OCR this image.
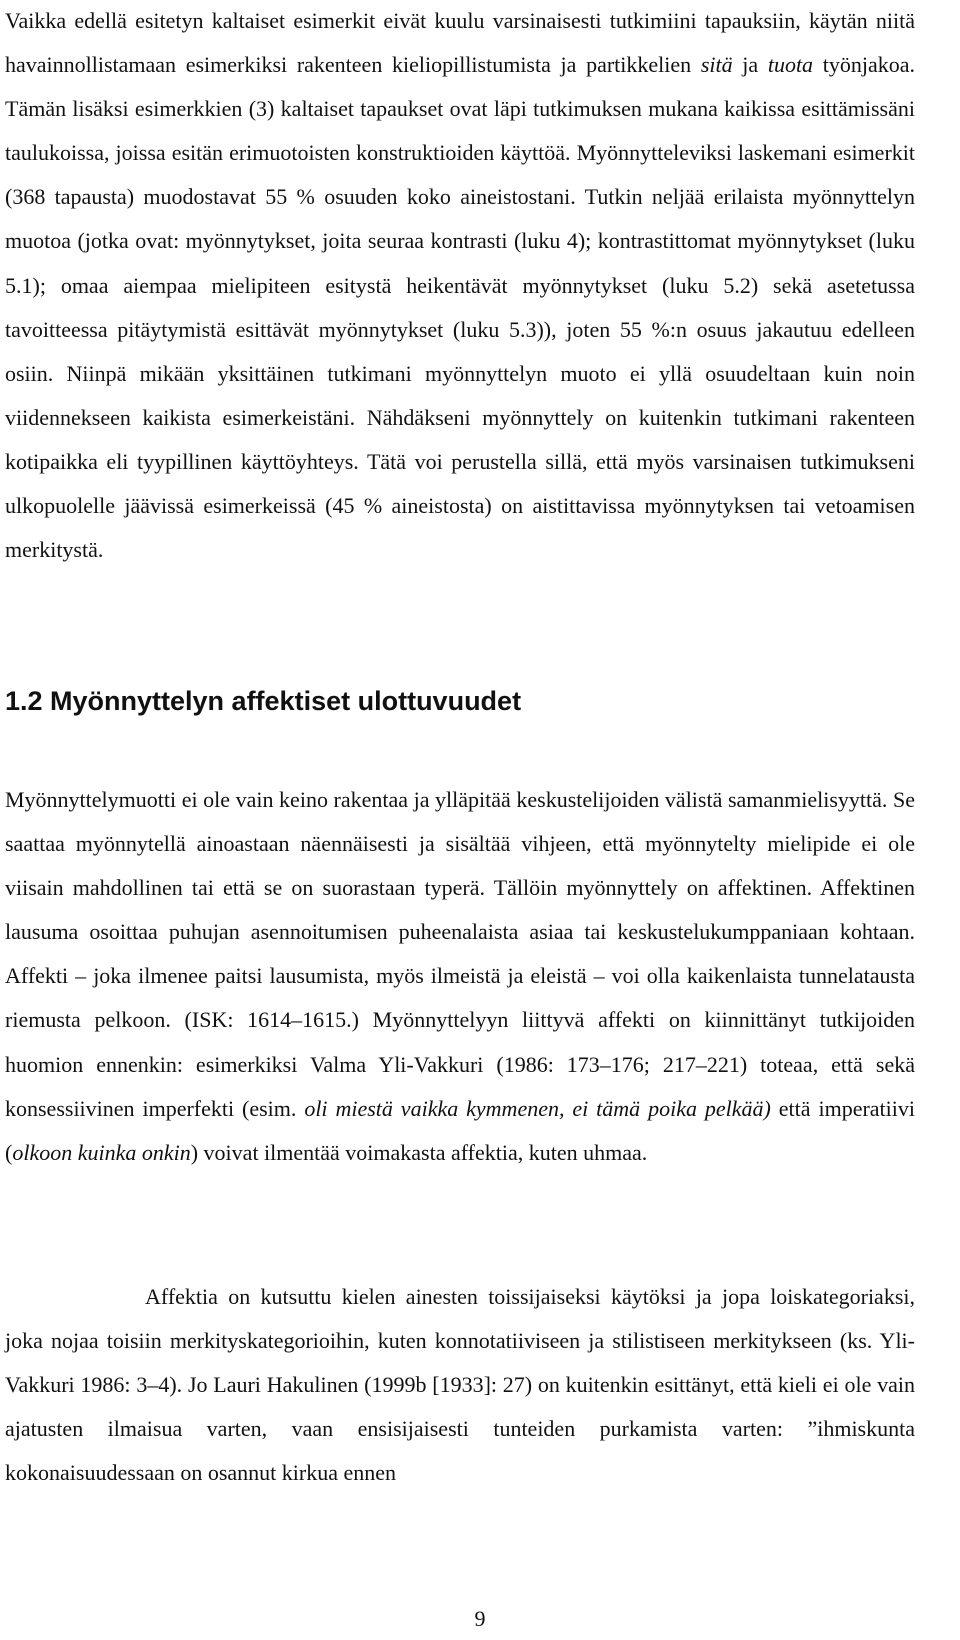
Vaikka edellä esitetyn kaltaiset esimerkit eivät kuulu varsinaisesti tutkimiini tapauksiin, käytän niitä havainnollistamaan esimerkiksi rakenteen kieliopillistumista ja partikkelien sitä ja tuota työnjakoa. Tämän lisäksi esimerkkien (3) kaltaiset tapaukset ovat läpi tutkimuksen mukana kaikissa esittämissäni taulukoissa, joissa esitän erimuotoisten konstruktioiden käyttöä. Myönnytteleviksi laskemani esimerkit (368 tapausta) muodostavat 55 % osuuden koko aineistostani. Tutkin neljää erilaista myönnyttelyn muotoa (jotka ovat: myönnytykset, joita seuraa kontrasti (luku 4); kontrastittomat myönnytykset (luku 5.1); omaa aiempaa mielipiteen esitystä heikentävät myönnytykset (luku 5.2) sekä asetetussa tavoitteessa pitäytymistä esittävät myönnytykset (luku 5.3)), joten 55 %:n osuus jakautuu edelleen osiin. Niinpä mikään yksittäinen tutkimani myönnyttelyn muoto ei yllä osuudeltaan kuin noin viidennekseen kaikista esimerkeistäni. Nähdäkseni myönnyttely on kuitenkin tutkimani rakenteen kotipaikka eli tyypillinen käyttöyhteys. Tätä voi perustella sillä, että myös varsinaisen tutkimukseni ulkopuolelle jäävissä esimerkeissä (45 % aineistosta) on aistittavissa myönnytyksen tai vetoamisen merkitystä.

1.2 Myönnyttelyn affektiset ulottuvuudet

Myönnyttelymuotti ei ole vain keino rakentaa ja ylläpitää keskustelijoiden välistä samanmielisyyttä. Se saattaa myönnytellä ainoastaan näennäisesti ja sisältää vihjeen, että myönnytelty mielipide ei ole viisain mahdollinen tai että se on suorastaan typerä. Tällöin myönnyttely on affektinen. Affektinen lausuma osoittaa puhujan asennoitumisen puheenalaista asiaa tai keskustelukumppaniaan kohtaan. Affekti – joka ilmenee paitsi lausumista, myös ilmeistä ja eleistä – voi olla kaikenlaista tunnelatausta riemusta pelkoon. (ISK: 1614–1615.) Myönnyttelyyn liittyvä affekti on kiinnittänyt tutkijoiden huomion ennenkin: esimerkiksi Valma Yli-Vakkuri (1986: 173–176; 217–221) toteaa, että sekä konsessiivinen imperfekti (esim. oli miestä vaikka kymmenen, ei tämä poika pelkää) että imperatiivi (olkoon kuinka onkin) voivat ilmentää voimakasta affektia, kuten uhmaa.

Affektia on kutsuttu kielen ainesten toissijaiseksi käytöksi ja jopa loiskategoriaksi, joka nojaa toisiin merkityskategorioihin, kuten konnotatiiviseen ja stilistiseen merkitykseen (ks. Yli-Vakkuri 1986: 3–4). Jo Lauri Hakulinen (1999b [1933]: 27) on kuitenkin esittänyt, että kieli ei ole vain ajatusten ilmaisua varten, vaan ensisijaisesti tunteiden purkamista varten: ”ihmiskunta kokonaisuudessaan on osannut kirkua ennen

9
